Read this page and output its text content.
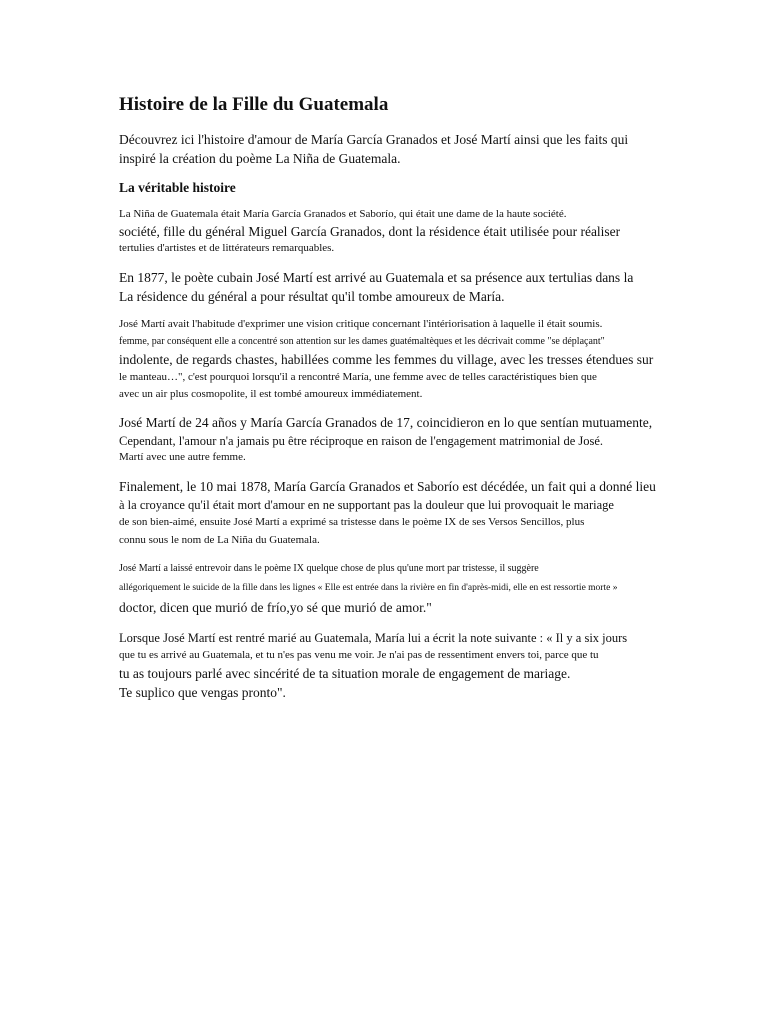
Histoire de la Fille du Guatemala

Découvrez ici l'histoire d'amour de María García Granados et José Martí ainsi que les faits qui
inspiré la création du poème La Niña de Guatemala.

La véritable histoire

La Niña de Guatemala était María García Granados et Saborío, qui était une dame de la haute société.
société, fille du général Miguel García Granados, dont la résidence était utilisée pour réaliser
tertulies d'artistes et de littérateurs remarquables.

En 1877, le poète cubain José Martí est arrivé au Guatemala et sa présence aux tertulias dans la
La résidence du général a pour résultat qu'il tombe amoureux de María.

José Martí avait l'habitude d'exprimer une vision critique concernant l'intériorisation à laquelle il était soumis.
femme, par conséquent elle a concentré son attention sur les dames guatémaltèques et les décrivait comme "se déplaçant"
indolente, de regards chastes, habillées comme les femmes du village, avec les tresses étendues sur
le manteau…", c'est pourquoi lorsqu'il a rencontré María, une femme avec de telles caractéristiques bien que
avec un air plus cosmopolite, il est tombé amoureux immédiatement.

José Martí de 24 años y María García Granados de 17, coincidieron en lo que sentían mutuamente,
Cependant, l'amour n'a jamais pu être réciproque en raison de l'engagement matrimonial de José.
Martí avec une autre femme.

Finalement, le 10 mai 1878, María García Granados et Saborío est décédée, un fait qui a donné lieu
à la croyance qu'il était mort d'amour en ne supportant pas la douleur que lui provoquait le mariage
de son bien-aimé, ensuite José Martí a exprimé sa tristesse dans le poème IX de ses Versos Sencillos, plus
connu sous le nom de La Niña du Guatemala.

José Martí a laissé entrevoir dans le poème IX quelque chose de plus qu'une mort par tristesse, il suggère
allégoriquement le suicide de la fille dans les lignes « Elle est entrée dans la rivière en fin d'après-midi, elle en est ressortie morte »
doctor, dicen que murió de frío,yo sé que murió de amor."

Lorsque José Martí est rentré marié au Guatemala, María lui a écrit la note suivante : « Il y a six jours
que tu es arrivé au Guatemala, et tu n'es pas venu me voir. Je n'ai pas de ressentiment envers toi, parce que tu
tu as toujours parlé avec sincérité de ta situation morale de engagement de mariage.
Te suplico que vengas pronto".
